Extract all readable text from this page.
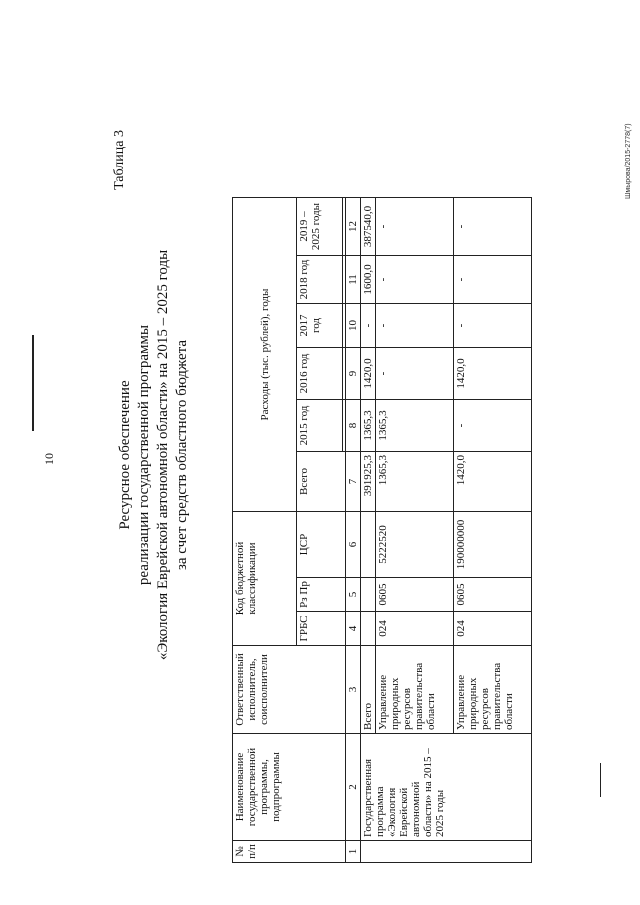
10
Таблица 3
Ресурсное обеспечение реализации государственной программы «Экология Еврейской автономной области» на 2015 – 2025 годы за счет средств областного бюджета
№ п/п	Наименование государственной программы, подпрограммы	Ответственный исполнитель, соисполнители	Код бюджетной классификации			Расходы (тыс. рублей), годы					
			ГРБС	Рз Пр	ЦСР	Всего	2015 год	2016 год	2017 год	2018 год	2019 – 2025 годы

1	2	3	4	5	6	7	8	9	10	11	12
	Государственная программа «Экология Еврейской автономной области» на 2015 – 2025 годы	Всего				391925,3	1365,3	1420,0	-	1600,0	387540,0
		Управление природных ресурсов правительства области	024	0605	5222520	1365,3	1365,3	-	-	-	-
		Управление природных ресурсов правительства области	024	0605	190000000	1420,0	-	1420,0	-	-	-
Шмырова/2015-2778(7)
